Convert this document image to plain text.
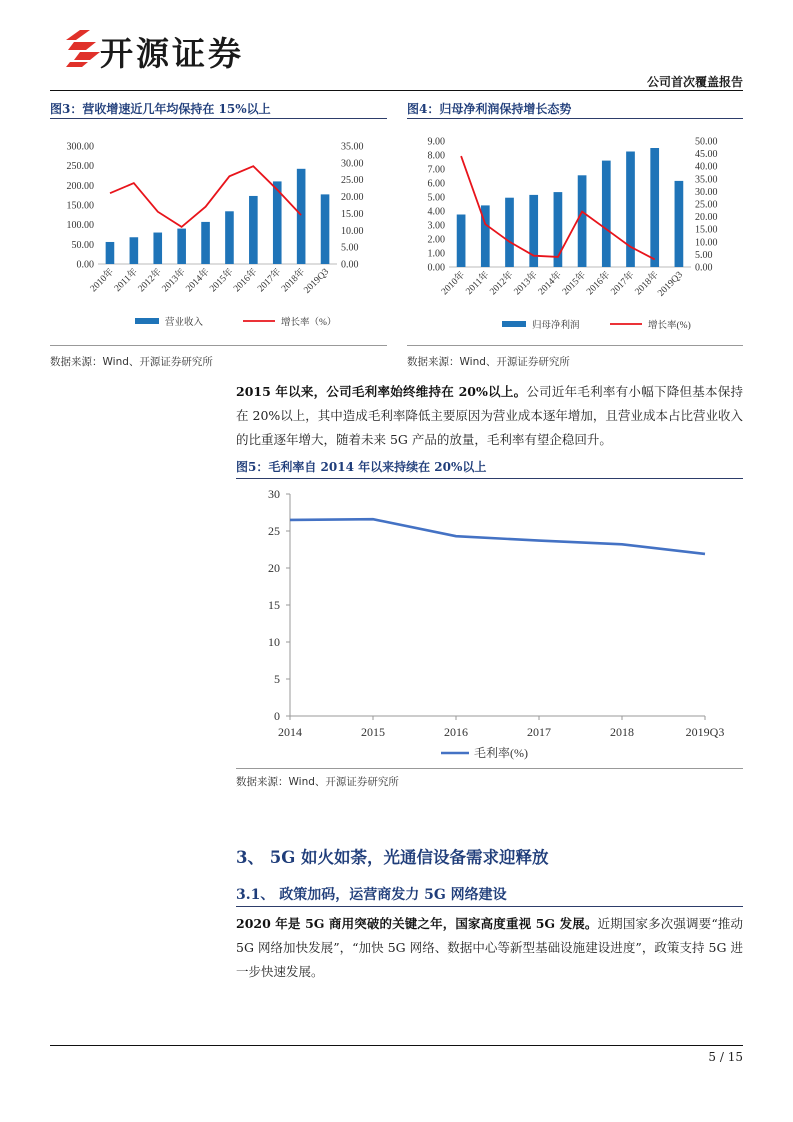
开源证券
公司首次覆盖报告
图3：营收增速近几年均保持在 15%以上
0.00
50.00
100.00
150.00
200.00
250.00
300.00
0.00
5.00
10.00
15.00
20.00
25.00
30.00
35.00
2010年
2011年
2012年
2013年
2014年
2015年
2016年
2017年
2018年
2019Q3
营业收入	增长率（%）
数据来源：Wind、开源证券研究所
图4：归母净利润保持增长态势
0.00
1.00
2.00
3.00
4.00
5.00
6.00
7.00
8.00
9.00
0.00
5.00
10.00
15.00
20.00
25.00
30.00
35.00
40.00
45.00
50.00
2010年
2011年
2012年
2013年
2014年
2015年
2016年
2017年
2018年
2019Q3
归母净利润	增长率(%)
数据来源：Wind、开源证券研究所
2015 年以来，公司毛利率始终维持在 20%以上。公司近年毛利率有小幅下降但基本保持在 20%以上，其中造成毛利率降低主要原因为营业成本逐年增加，且营业成本占比营业收入的比重逐年增大，随着未来 5G 产品的放量，毛利率有望企稳回升。
图5：毛利率自 2014 年以来持续在 20%以上
0
5
10
15
20
25
30
2014	2015	2016	2017	2018	2019Q3
毛利率(%)
数据来源：Wind、开源证券研究所
3、 5G 如火如荼，光通信设备需求迎释放
3.1、 政策加码，运营商发力 5G 网络建设
2020 年是 5G 商用突破的关键之年，国家高度重视 5G 发展。近期国家多次强调要“推动 5G 网络加快发展”，“加快 5G 网络、数据中心等新型基础设施建设进度”，政策支持 5G 进一步快速发展。
5 / 15
